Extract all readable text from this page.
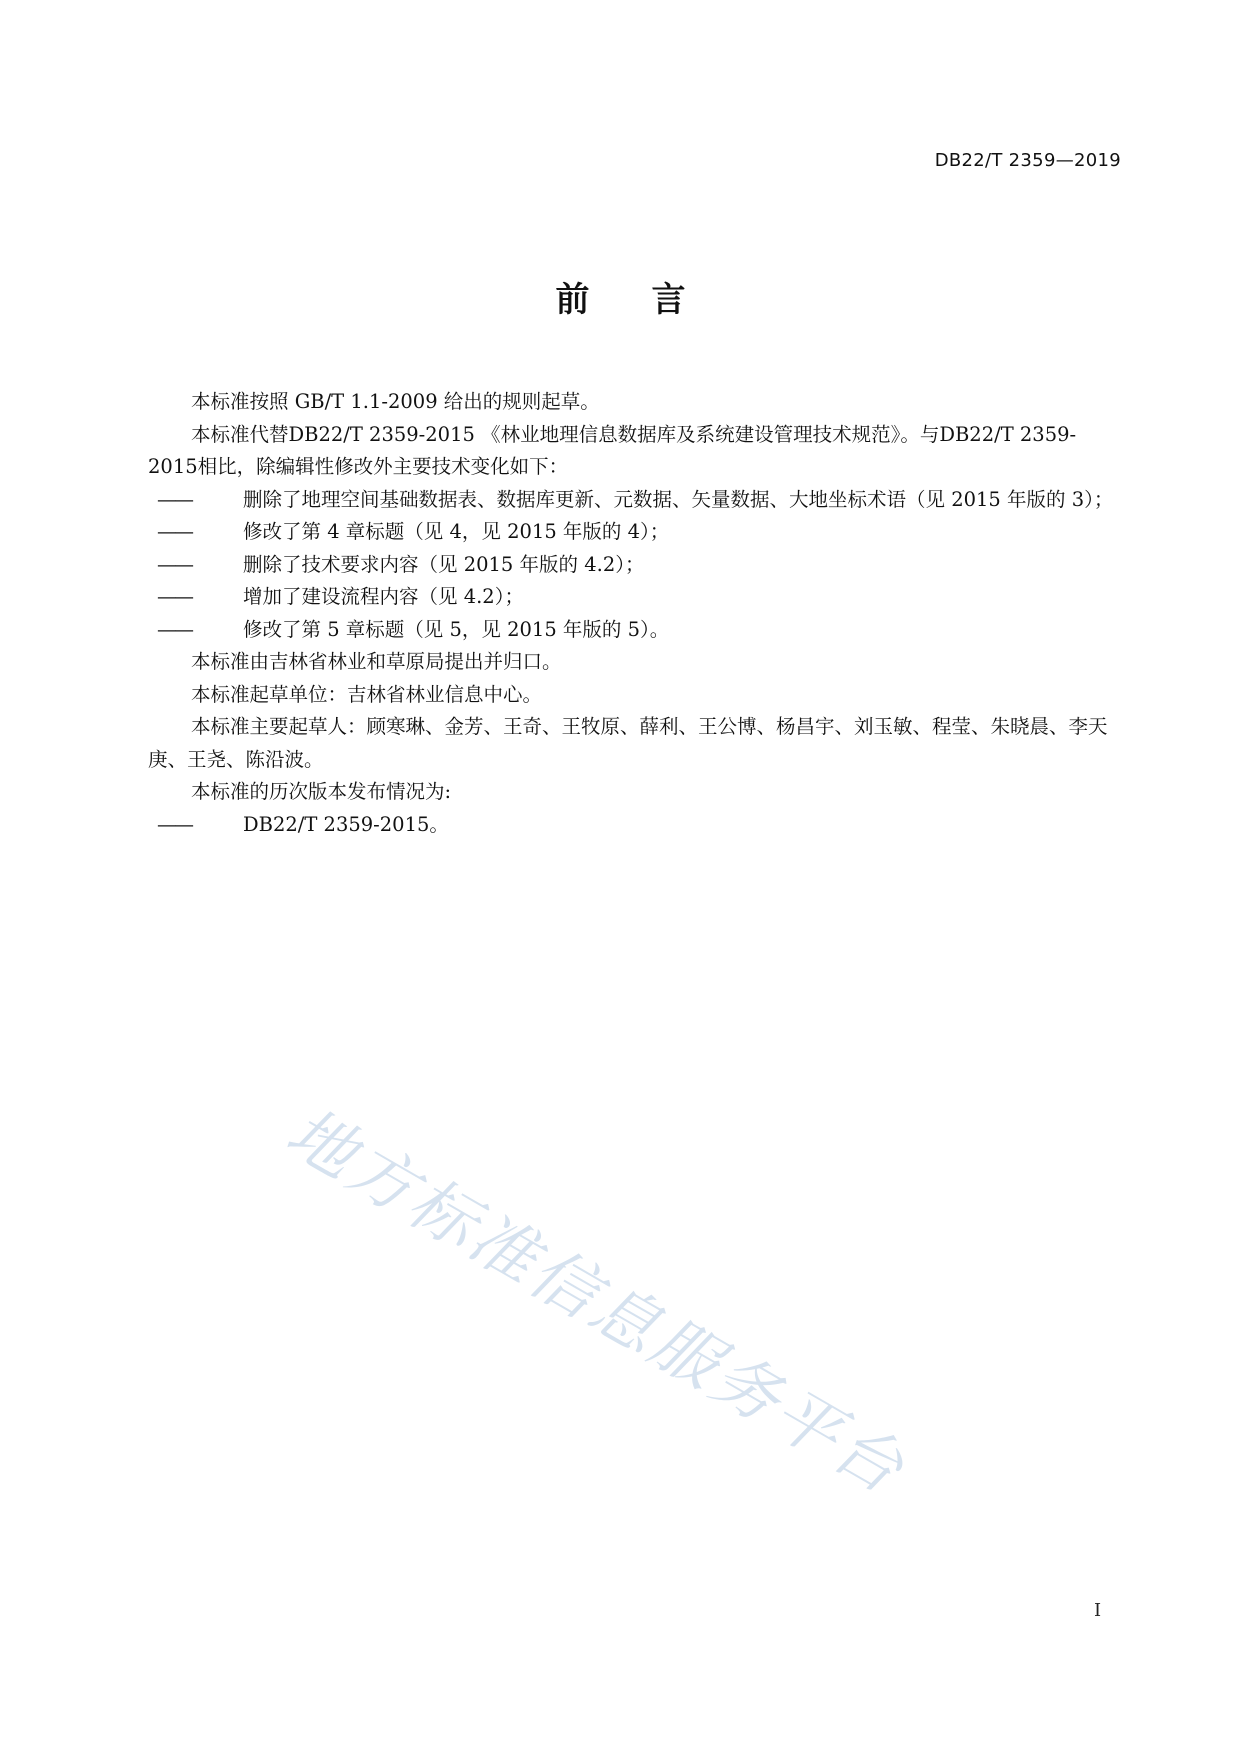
DB22/T 2359—2019
前 言

本标准按照 GB/T 1.1-2009 给出的规则起草。

本标准代替DB22/T 2359-2015 《林业地理信息数据库及系统建设管理技术规范》。与DB22/T 2359-2015相比，除编辑性修改外主要技术变化如下：

——	删除了地理空间基础数据表、数据库更新、元数据、矢量数据、大地坐标术语（见 2015 年版的 3）；

——	修改了第 4 章标题（见 4，见 2015 年版的 4）；

——	删除了技术要求内容（见 2015 年版的 4.2）；

——	增加了建设流程内容（见 4.2）；

——	修改了第 5 章标题（见 5，见 2015 年版的 5）。

本标准由吉林省林业和草原局提出并归口。

本标准起草单位：吉林省林业信息中心。

本标准主要起草人：顾寒琳、金芳、王奇、王牧原、薛利、王公博、杨昌宇、刘玉敏、程莹、朱晓晨、李天庚、王尧、陈沿波。

本标准的历次版本发布情况为:

——	DB22/T 2359-2015。

地方标准信息服务平台
I
